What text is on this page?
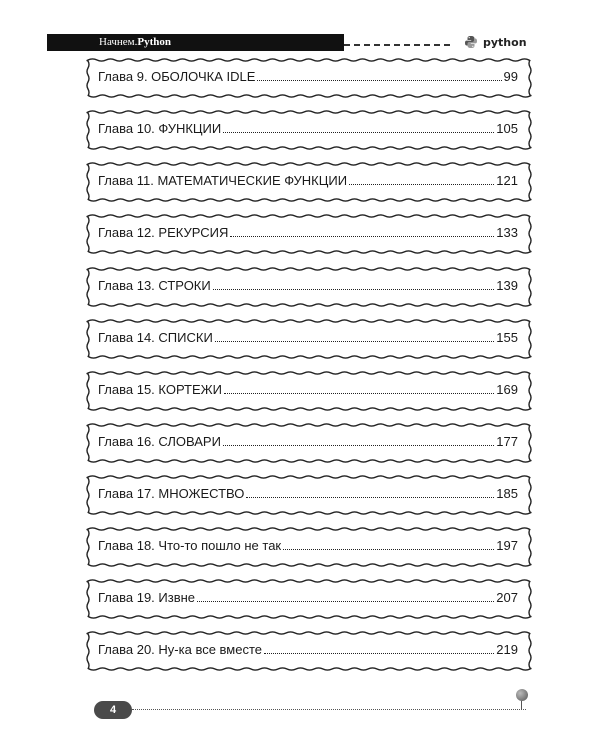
Начнем.Python	python
Глава 9. ОБОЛОЧКА IDLE	99
Глава 10. ФУНКЦИИ	105
Глава 11. МАТЕМАТИЧЕСКИЕ ФУНКЦИИ	121
Глава 12. РЕКУРСИЯ	133
Глава 13. СТРОКИ	139
Глава 14. СПИСКИ	155
Глава 15. КОРТЕЖИ	169
Глава 16. СЛОВАРИ	177
Глава 17. МНОЖЕСТВО	185
Глава 18. Что-то пошло не так	197
Глава 19. Извне	207
Глава 20. Ну-ка все вместе	219
4
